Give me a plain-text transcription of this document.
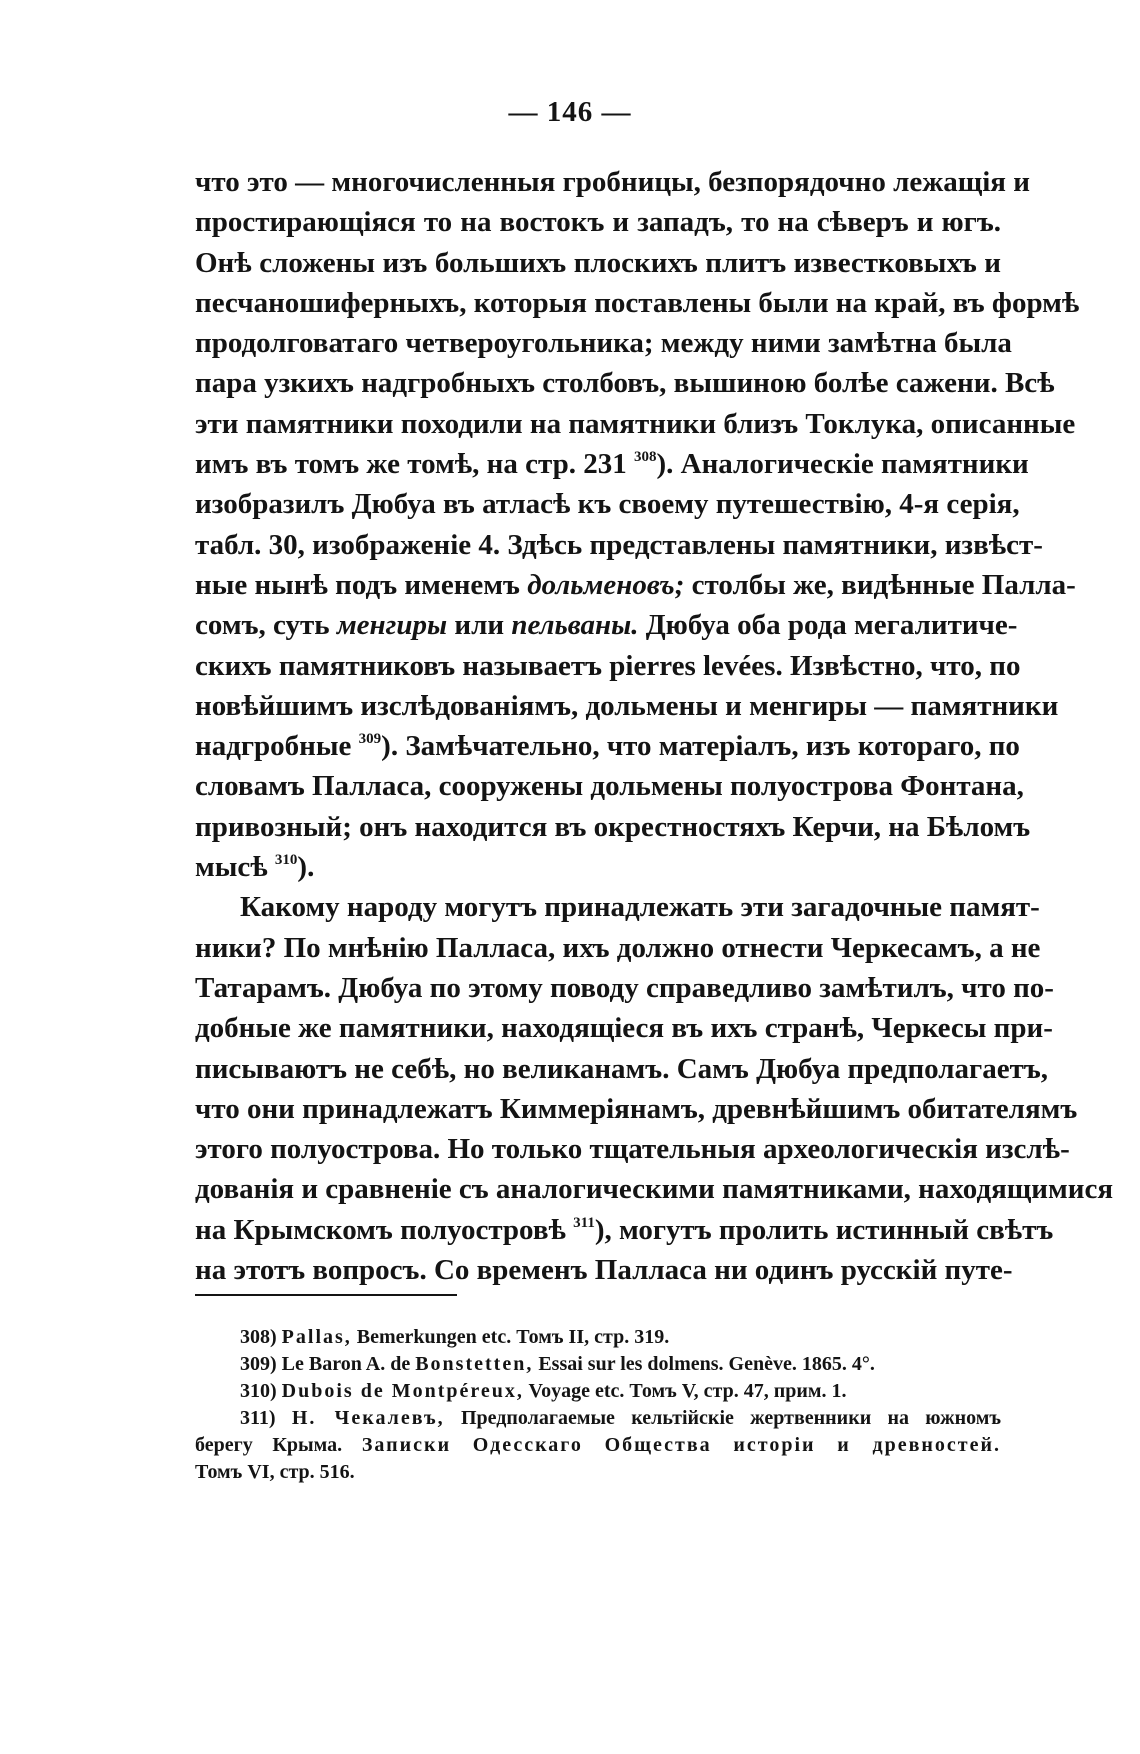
— 146 —

что это — многочисленныя гробницы, безпорядочно лежащія и
простирающіяся то на востокъ и западъ, то на сѣверъ и югъ.
Онѣ сложены изъ большихъ плоскихъ плитъ известковыхъ и
песчаношиферныхъ, которыя поставлены были на край, въ формѣ
продолговатаго четвероугольника; между ними замѣтна была
пара узкихъ надгробныхъ столбовъ, вышиною болѣе сажени. Всѣ
эти памятники походили на памятники близъ Токлука, описанные
имъ въ томъ же томѣ, на стр. 231 $^{308}$). Аналогическіе памятники
изобразилъ Дюбуа въ атласѣ къ своему путешествію, 4-я серія,
табл. 30, изображеніе 4. Здѣсь представлены памятники, извѣст-
ные нынѣ подъ именемъ дольменовъ; столбы же, видѣнные Палла-
сомъ, суть менгиры или пельваны. Дюбуа оба рода мегалитиче-
скихъ памятниковъ называетъ pierres levées. Извѣстно, что, по
новѣйшимъ изслѣдованіямъ, дольмены и менгиры — памятники
надгробные $^{309}$). Замѣчательно, что матеріалъ, изъ котораго, по
словамъ Палласа, сооружены дольмены полуострова Фонтана,
привозный; онъ находится въ окрестностяхъ Керчи, на Бѣломъ
мысѣ $^{310}$).

Какому народу могутъ принадлежать эти загадочные памят-
ники? По мнѣнію Палласа, ихъ должно отнести Черкесамъ, а не
Татарамъ. Дюбуа по этому поводу справедливо замѣтилъ, что по-
добные же памятники, находящіеся въ ихъ странѣ, Черкесы при-
писываютъ не себѣ, но великанамъ. Самъ Дюбуа предполагаетъ,
что они принадлежатъ Киммеріянамъ, древнѣйшимъ обитателямъ
этого полуострова. Но только тщательныя археологическія изслѣ-
дованія и сравненіе съ аналогическими памятниками, находящимися
на Крымскомъ полуостровѣ $^{311}$), могутъ пролить истинный свѣтъ
на этотъ вопросъ. Со временъ Палласа ни одинъ русскій путе-

308) Pallas, Bemerkungen etc. Томъ II, стр. 319.
309) Le Baron A. de Bonstetten, Essai sur les dolmens. Genève. 1865. 4°.
310) Dubois de Montpéreux, Voyage etc. Томъ V, стр. 47, прим. 1.
311) Н. Чекалевъ, Предполагаемые кельтійскіе жертвенники на южномъ
берегу Крыма. Записки Одесскаго Общества исторіи и древностей.
Томъ VI, стр. 516.
